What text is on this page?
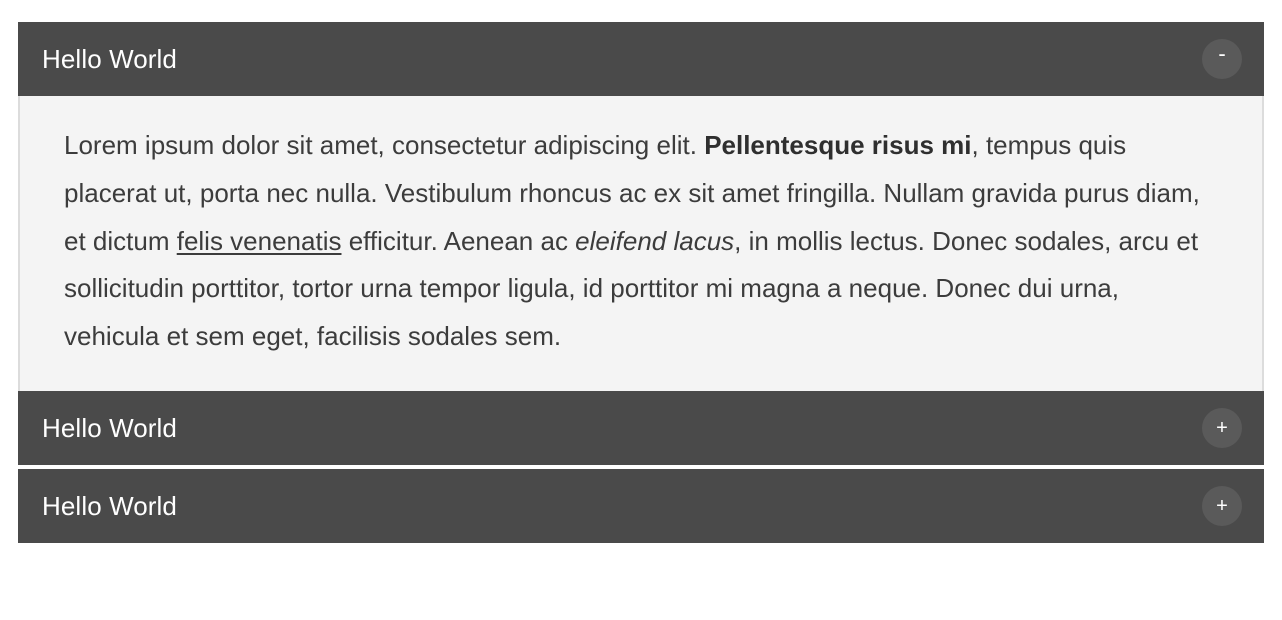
Hello World	-

Lorem ipsum dolor sit amet, consectetur adipiscing elit. Pellentesque risus mi, tempus quis placerat ut, porta nec nulla. Vestibulum rhoncus ac ex sit amet fringilla. Nullam gravida purus diam, et dictum felis venenatis efficitur. Aenean ac eleifend lacus, in mollis lectus. Donec sodales, arcu et sollicitudin porttitor, tortor urna tempor ligula, id porttitor mi magna a neque. Donec dui urna, vehicula et sem eget, facilisis sodales sem.

Hello World	+
Hello World	+
